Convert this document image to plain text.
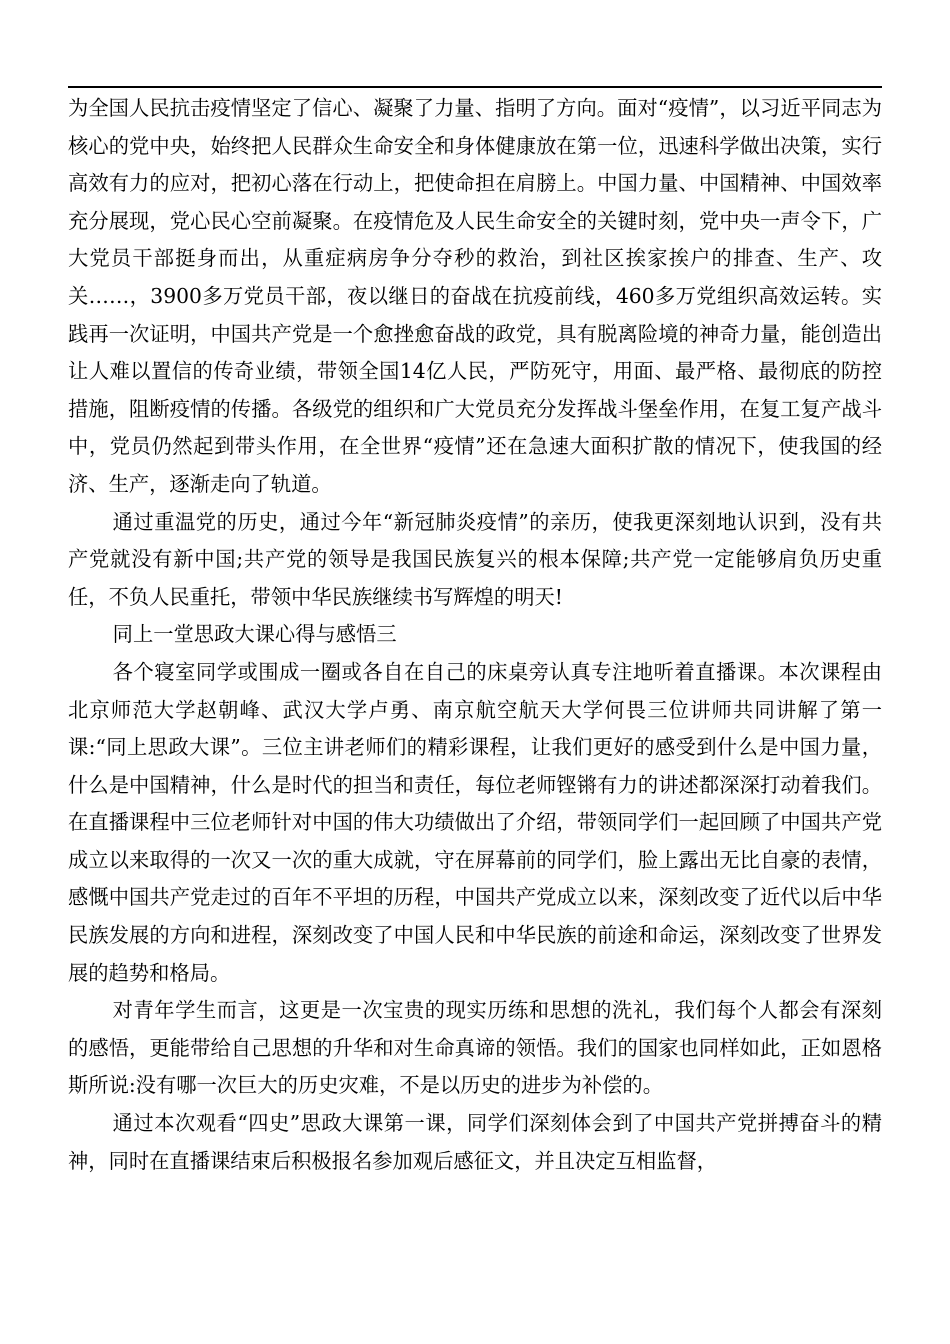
为全国人民抗击疫情坚定了信心、凝聚了力量、指明了方向。面对“疫情”，以习近平同志为核心的党中央，始终把人民群众生命安全和身体健康放在第一位，迅速科学做出决策，实行高效有力的应对，把初心落在行动上，把使命担在肩膀上。中国力量、中国精神、中国效率充分展现，党心民心空前凝聚。在疫情危及人民生命安全的关键时刻，党中央一声令下，广大党员干部挺身而出，从重症病房争分夺秒的救治，到社区挨家挨户的排查、生产、攻关……，3900多万党员干部，夜以继日的奋战在抗疫前线，460多万党组织高效运转。实践再一次证明，中国共产党是一个愈挫愈奋战的政党，具有脱离险境的神奇力量，能创造出让人难以置信的传奇业绩，带领全国14亿人民，严防死守，用面、最严格、最彻底的防控措施，阻断疫情的传播。各级党的组织和广大党员充分发挥战斗堡垒作用，在复工复产战斗中，党员仍然起到带头作用，在全世界“疫情”还在急速大面积扩散的情况下，使我国的经济、生产，逐渐走向了轨道。

通过重温党的历史，通过今年“新冠肺炎疫情”的亲历，使我更深刻地认识到，没有共产党就没有新中国;共产党的领导是我国民族复兴的根本保障;共产党一定能够肩负历史重任，不负人民重托，带领中华民族继续书写辉煌的明天!

同上一堂思政大课心得与感悟三

各个寝室同学或围成一圈或各自在自己的床桌旁认真专注地听着直播课。本次课程由北京师范大学赵朝峰、武汉大学卢勇、南京航空航天大学何畏三位讲师共同讲解了第一课:“同上思政大课”。三位主讲老师们的精彩课程，让我们更好的感受到什么是中国力量，什么是中国精神，什么是时代的担当和责任，每位老师铿锵有力的讲述都深深打动着我们。在直播课程中三位老师针对中国的伟大功绩做出了介绍，带领同学们一起回顾了中国共产党成立以来取得的一次又一次的重大成就，守在屏幕前的同学们，脸上露出无比自豪的表情，感慨中国共产党走过的百年不平坦的历程，中国共产党成立以来，深刻改变了近代以后中华民族发展的方向和进程，深刻改变了中国人民和中华民族的前途和命运，深刻改变了世界发展的趋势和格局。

对青年学生而言，这更是一次宝贵的现实历练和思想的洗礼，我们每个人都会有深刻的感悟，更能带给自己思想的升华和对生命真谛的领悟。我们的国家也同样如此，正如恩格斯所说:没有哪一次巨大的历史灾难，不是以历史的进步为补偿的。

通过本次观看“四史”思政大课第一课，同学们深刻体会到了中国共产党拼搏奋斗的精神，同时在直播课结束后积极报名参加观后感征文，并且决定互相监督，
